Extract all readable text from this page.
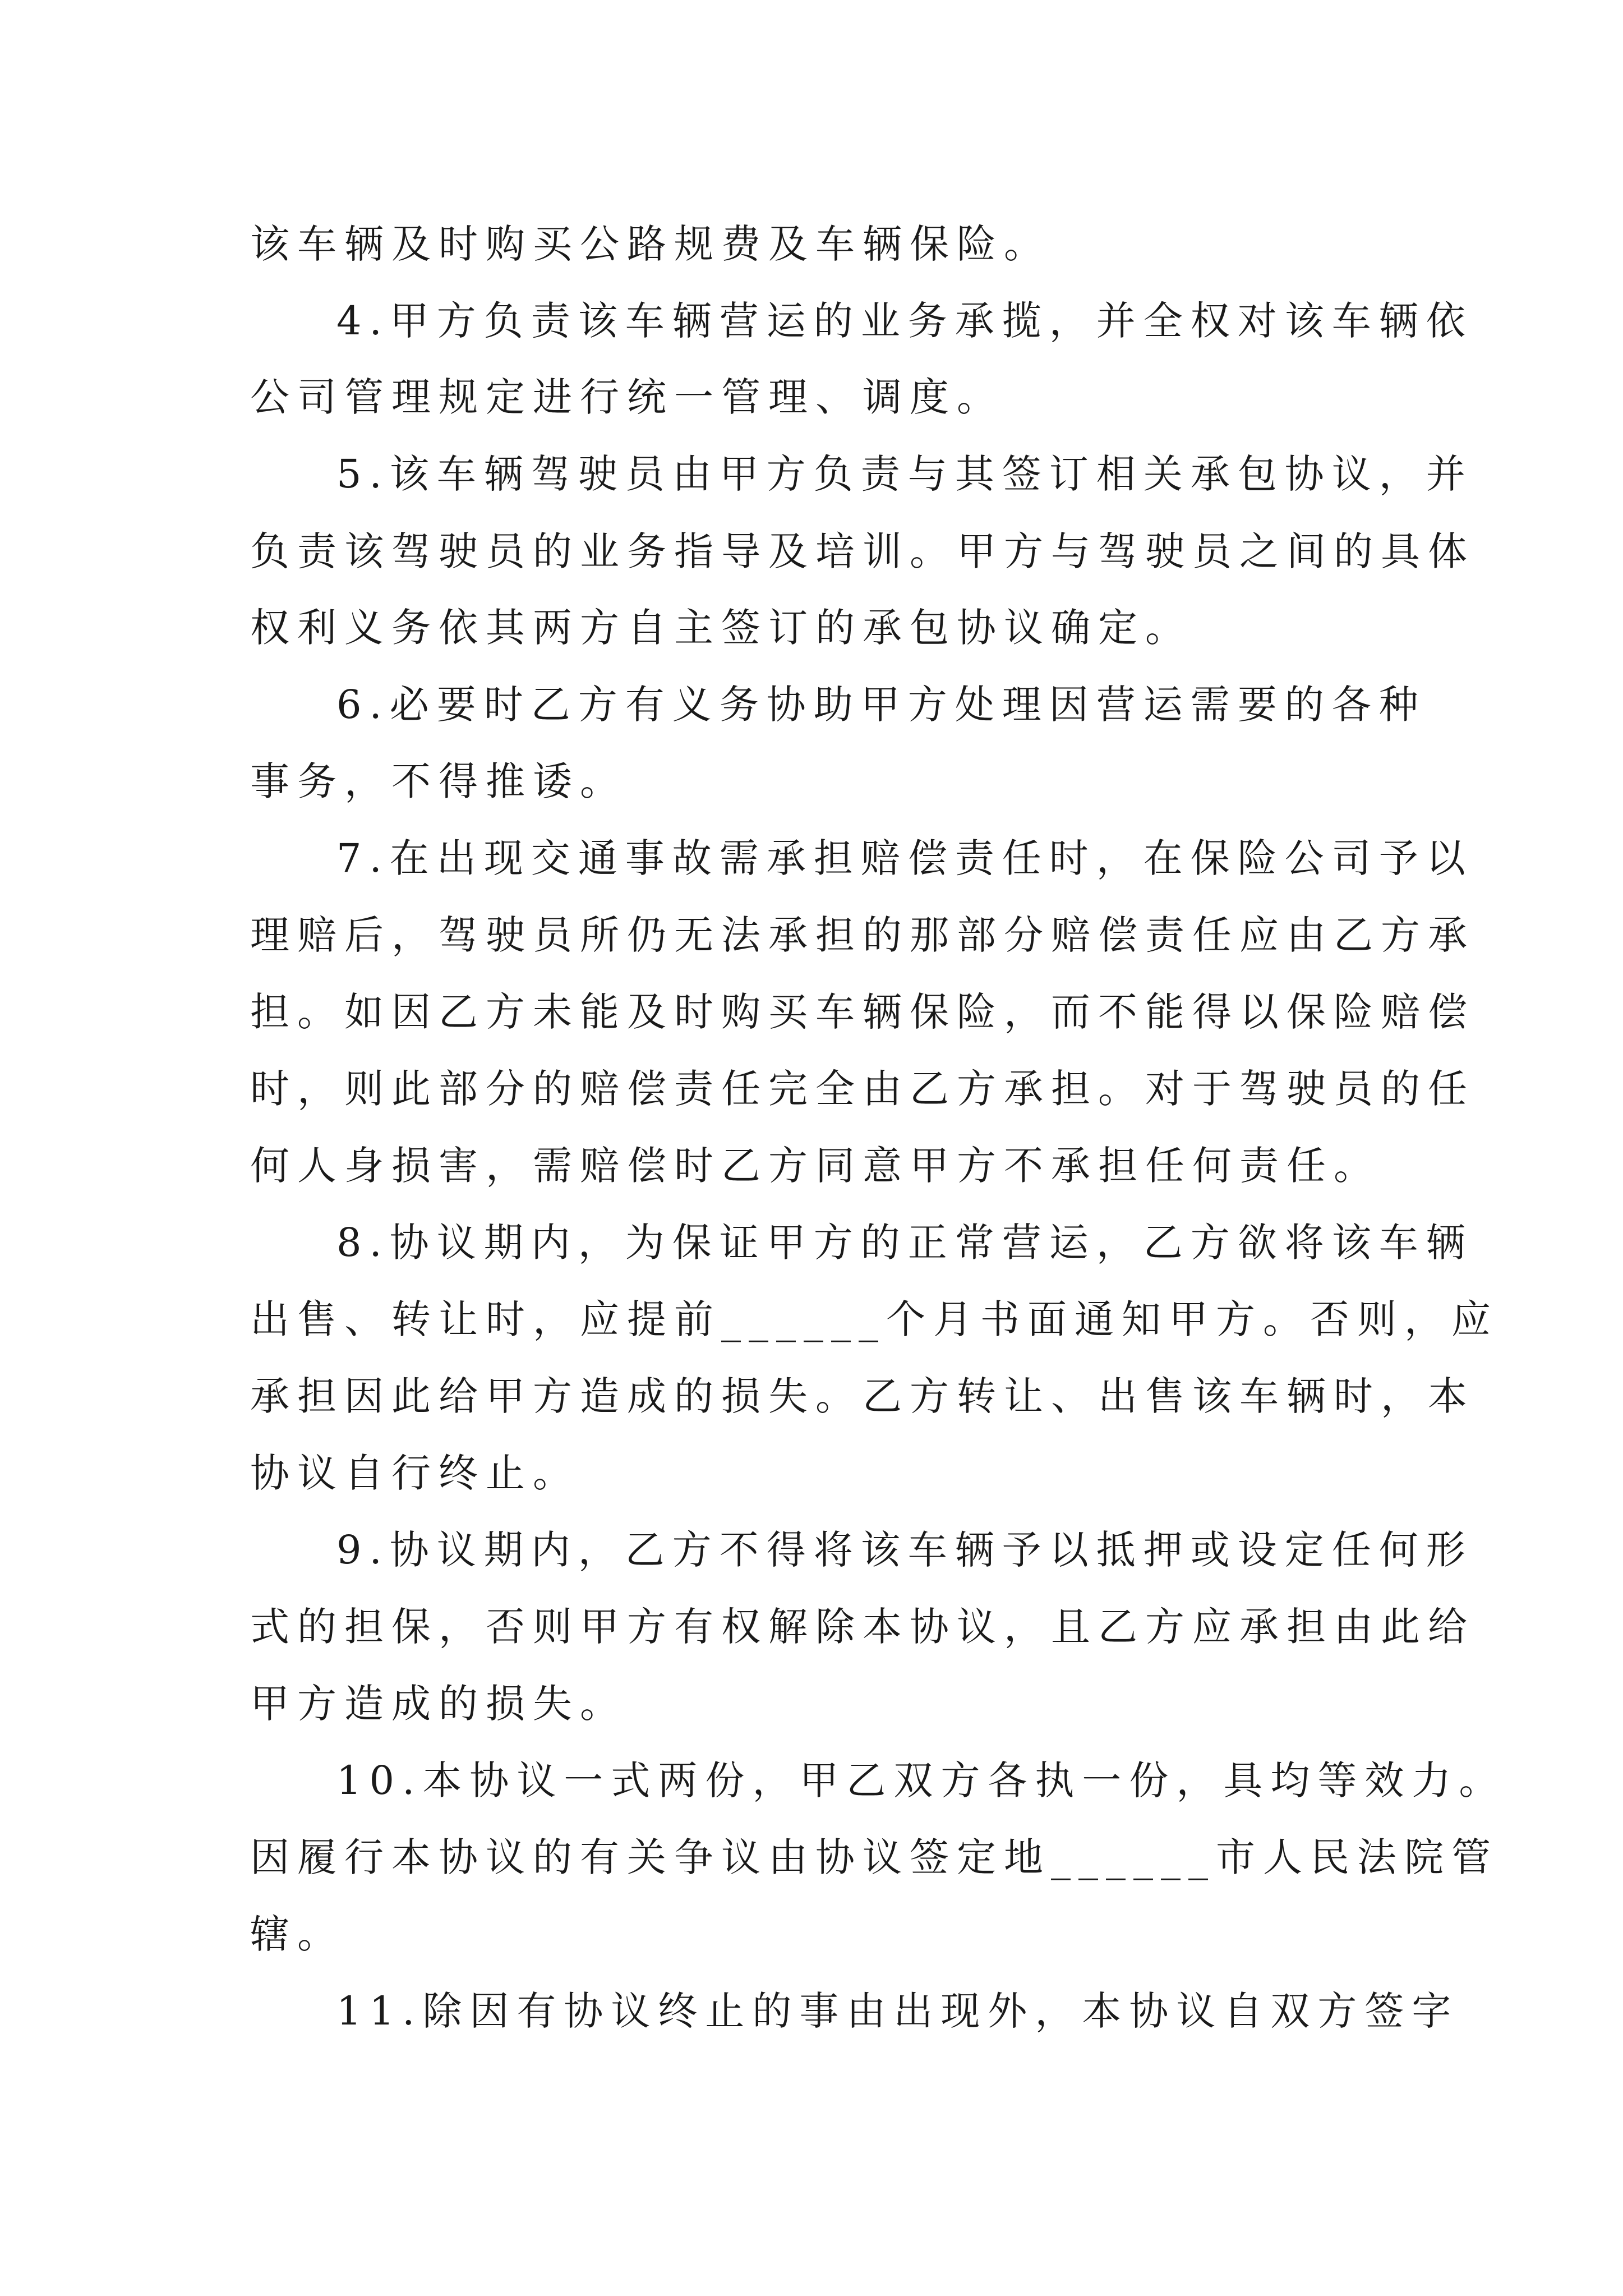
该车辆及时购买公路规费及车辆保险。
4.甲方负责该车辆营运的业务承揽，并全权对该车辆依
公司管理规定进行统一管理、调度。
5.该车辆驾驶员由甲方负责与其签订相关承包协议，并
负责该驾驶员的业务指导及培训。甲方与驾驶员之间的具体
权利义务依其两方自主签订的承包协议确定。
6.必要时乙方有义务协助甲方处理因营运需要的各种
事务，不得推诿。
7.在出现交通事故需承担赔偿责任时，在保险公司予以
理赔后，驾驶员所仍无法承担的那部分赔偿责任应由乙方承
担。如因乙方未能及时购买车辆保险，而不能得以保险赔偿
时，则此部分的赔偿责任完全由乙方承担。对于驾驶员的任
何人身损害，需赔偿时乙方同意甲方不承担任何责任。
8.协议期内，为保证甲方的正常营运，乙方欲将该车辆
出售、转让时，应提前______个月书面通知甲方。否则，应
承担因此给甲方造成的损失。乙方转让、出售该车辆时，本
协议自行终止。
9.协议期内，乙方不得将该车辆予以抵押或设定任何形
式的担保，否则甲方有权解除本协议，且乙方应承担由此给
甲方造成的损失。
10.本协议一式两份，甲乙双方各执一份，具均等效力。
因履行本协议的有关争议由协议签定地______市人民法院管
辖。
11.除因有协议终止的事由出现外，本协议自双方签字
